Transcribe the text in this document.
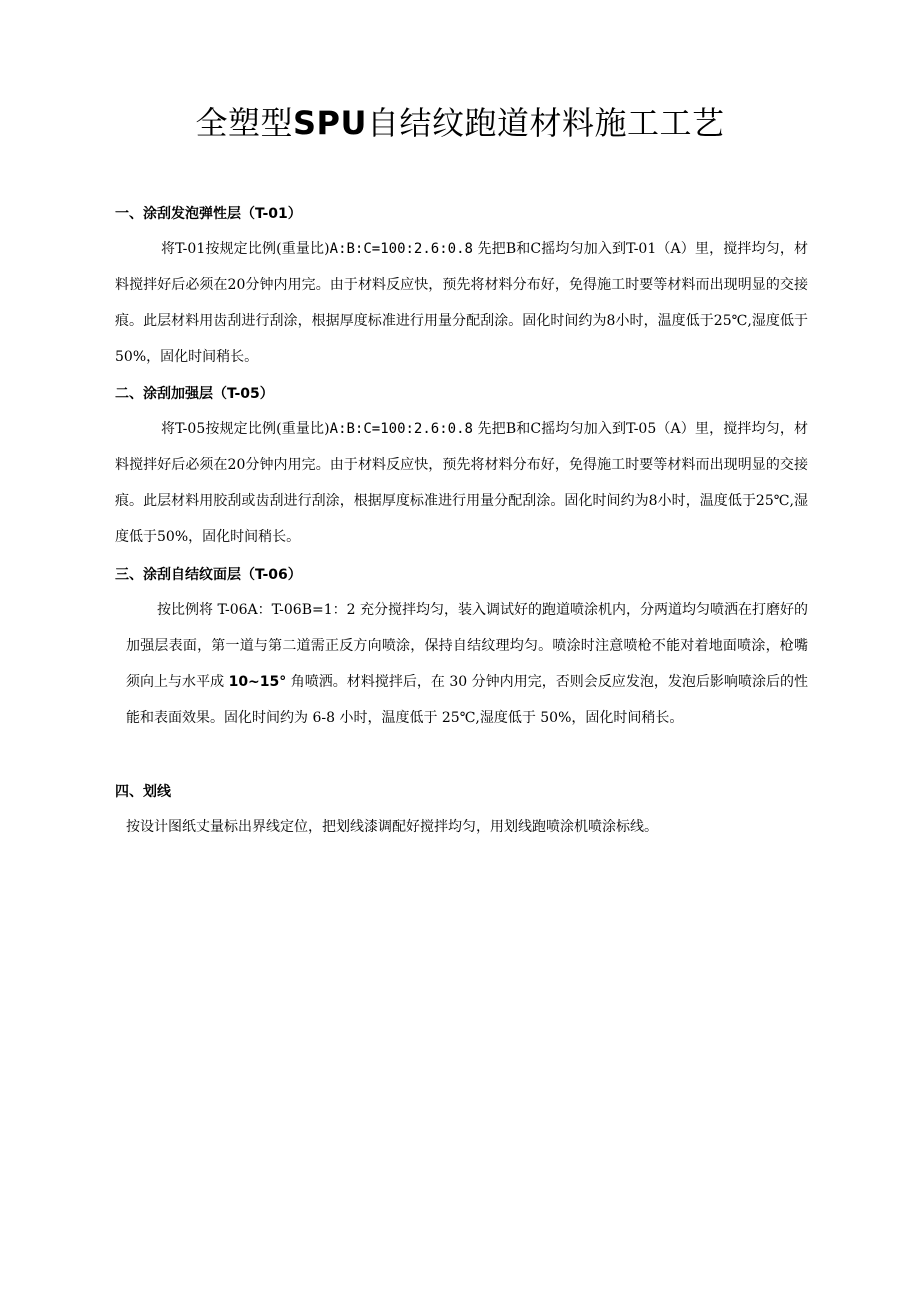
全塑型SPU自结纹跑道材料施工工艺
一、涂刮发泡弹性层（T-01）

将T-01按规定比例(重量比)A:B:C=100:2.6:0.8 先把B和C摇均匀加入到T-01（A）里，搅拌均匀，材料搅拌好后必须在20分钟内用完。由于材料反应快，预先将材料分布好，免得施工时要等材料而出现明显的交接痕。此层材料用齿刮进行刮涂，根据厚度标准进行用量分配刮涂。固化时间约为8小时，温度低于25℃,湿度低于50%，固化时间稍长。

二、涂刮加强层（T-05）

将T-05按规定比例(重量比)A:B:C=100:2.6:0.8 先把B和C摇均匀加入到T-05（A）里，搅拌均匀，材料搅拌好后必须在20分钟内用完。由于材料反应快，预先将材料分布好，免得施工时要等材料而出现明显的交接痕。此层材料用胶刮或齿刮进行刮涂，根据厚度标准进行用量分配刮涂。固化时间约为8小时，温度低于25℃,湿度低于50%，固化时间稍长。

三、涂刮自结纹面层（T-06）

按比例将 T-06A：T-06B=1：2 充分搅拌均匀，装入调试好的跑道喷涂机内，分两道均匀喷洒在打磨好的加强层表面，第一道与第二道需正反方向喷涂，保持自结纹理均匀。喷涂时注意喷枪不能对着地面喷涂，枪嘴须向上与水平成 10~15° 角喷洒。材料搅拌后，在 30 分钟内用完，否则会反应发泡，发泡后影响喷涂后的性能和表面效果。固化时间约为 6-8 小时，温度低于 25℃,湿度低于 50%，固化时间稍长。

四、划线

按设计图纸丈量标出界线定位，把划线漆调配好搅拌均匀，用划线跑喷涂机喷涂标线。
